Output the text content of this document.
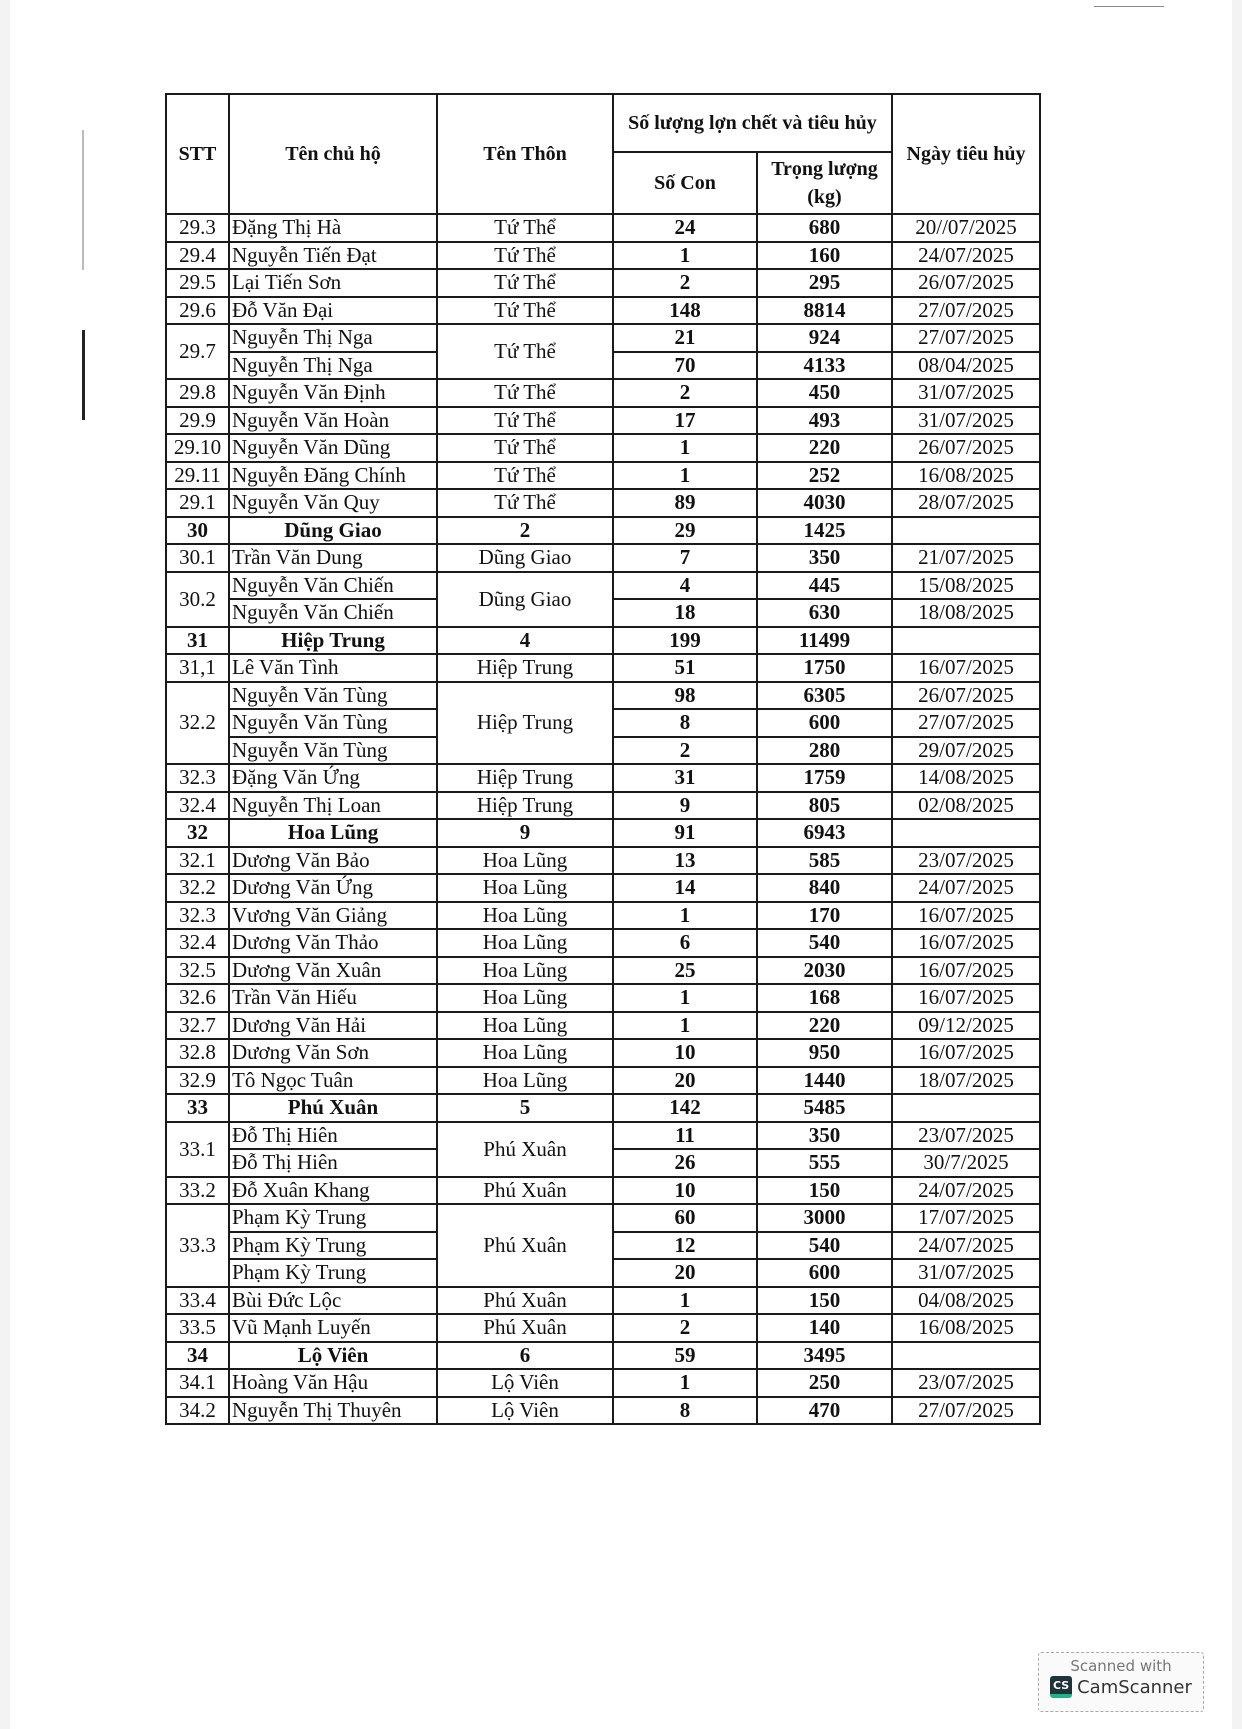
STT	Tên chủ hộ	Tên Thôn	Số lượng lợn chết và tiêu hủy		Ngày tiêu hủy
			Số Con	Trọng lượng (kg)	
29.3	Đặng Thị Hà	Tứ Thể	24	680	20//07/2025
29.4	Nguyễn Tiến Đạt	Tứ Thể	1	160	24/07/2025
29.5	Lại Tiến Sơn	Tứ Thể	2	295	26/07/2025
29.6	Đỗ Văn Đại	Tứ Thể	148	8814	27/07/2025
29.7	Nguyễn Thị Nga	Tứ Thể	21	924	27/07/2025
	Nguyễn Thị Nga		70	4133	08/04/2025
29.8	Nguyễn Văn Định	Tứ Thể	2	450	31/07/2025
29.9	Nguyễn Văn Hoàn	Tứ Thể	17	493	31/07/2025
29.10	Nguyễn Văn Dũng	Tứ Thể	1	220	26/07/2025
29.11	Nguyễn Đăng Chính	Tứ Thể	1	252	16/08/2025
29.1	Nguyễn Văn Quy	Tứ Thể	89	4030	28/07/2025
30	Dũng Giao	2	29	1425	
30.1	Trần Văn Dung	Dũng Giao	7	350	21/07/2025
30.2	Nguyễn Văn Chiến	Dũng Giao	4	445	15/08/2025
	Nguyễn Văn Chiến		18	630	18/08/2025
31	Hiệp Trung	4	199	11499	
31,1	Lê Văn Tình	Hiệp Trung	51	1750	16/07/2025
32.2	Nguyễn Văn Tùng	Hiệp Trung	98	6305	26/07/2025
	Nguyễn Văn Tùng		8	600	27/07/2025
	Nguyễn Văn Tùng		2	280	29/07/2025
32.3	Đặng Văn Ứng	Hiệp Trung	31	1759	14/08/2025
32.4	Nguyễn Thị Loan	Hiệp Trung	9	805	02/08/2025
32	Hoa Lũng	9	91	6943	
32.1	Dương Văn Bảo	Hoa Lũng	13	585	23/07/2025
32.2	Dương Văn Ứng	Hoa Lũng	14	840	24/07/2025
32.3	Vương Văn Giảng	Hoa Lũng	1	170	16/07/2025
32.4	Dương Văn Thảo	Hoa Lũng	6	540	16/07/2025
32.5	Dương Văn Xuân	Hoa Lũng	25	2030	16/07/2025
32.6	Trần Văn Hiếu	Hoa Lũng	1	168	16/07/2025
32.7	Dương Văn Hải	Hoa Lũng	1	220	09/12/2025
32.8	Dương Văn Sơn	Hoa Lũng	10	950	16/07/2025
32.9	Tô Ngọc Tuân	Hoa Lũng	20	1440	18/07/2025
33	Phú Xuân	5	142	5485	
33.1	Đỗ Thị Hiên	Phú Xuân	11	350	23/07/2025
	Đỗ Thị Hiên		26	555	30/7/2025
33.2	Đỗ Xuân Khang	Phú Xuân	10	150	24/07/2025
33.3	Phạm Kỳ Trung	Phú Xuân	60	3000	17/07/2025
	Phạm Kỳ Trung		12	540	24/07/2025
	Phạm Kỳ Trung		20	600	31/07/2025
33.4	Bùi Đức Lộc	Phú Xuân	1	150	04/08/2025
33.5	Vũ Mạnh Luyến	Phú Xuân	2	140	16/08/2025
34	Lộ Viên	6	59	3495	
34.1	Hoàng Văn Hậu	Lộ Viên	1	250	23/07/2025
34.2	Nguyễn Thị Thuyên	Lộ Viên	8	470	27/07/2025
Scanned with
CS CamScanner
